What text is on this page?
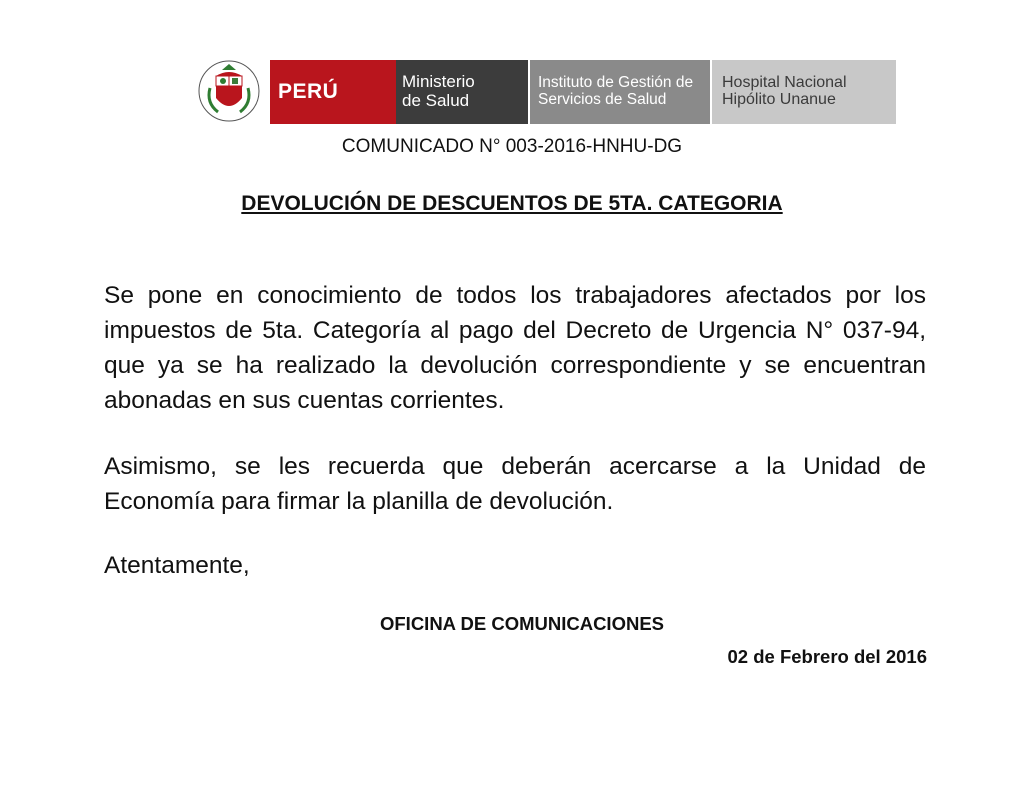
PERÚ	Ministerio
de Salud
Instituto de Gestión de
Servicios de Salud
Hospital Nacional
Hipólito Unanue
COMUNICADO N° 003-2016-HNHU-DG
DEVOLUCIÓN DE DESCUENTOS DE 5TA. CATEGORIA
Se pone en conocimiento de todos los trabajadores afectados por los impuestos de 5ta. Categoría al pago del Decreto de Urgencia N° 037-94, que ya se ha realizado la devolución correspondiente y se encuentran abonadas en sus cuentas corrientes.
Asimismo, se les recuerda que deberán acercarse a la Unidad de Economía para firmar la planilla de devolución.
Atentamente,
OFICINA DE COMUNICACIONES
02 de Febrero del 2016
